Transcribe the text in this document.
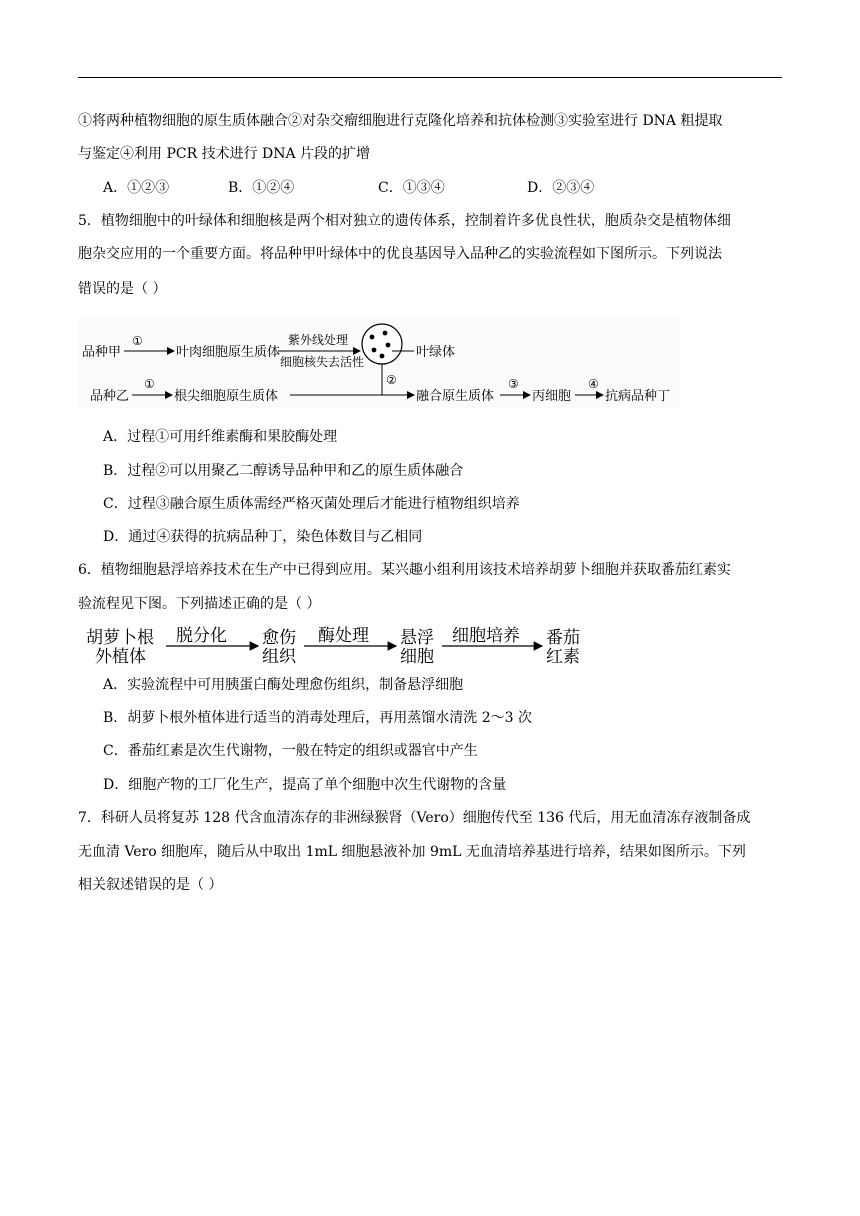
①将两种植物细胞的原生质体融合②对杂交瘤细胞进行克隆化培养和抗体检测③实验室进行 DNA 粗提取
与鉴定④利用 PCR 技术进行 DNA 片段的扩增
A．①②③	B．①②④	C．①③④	D．②③④
5．植物细胞中的叶绿体和细胞核是两个相对独立的遗传体系，控制着许多优良性状，胞质杂交是植物体细
胞杂交应用的一个重要方面。将品种甲叶绿体中的优良基因导入品种乙的实验流程如下图所示。下列说法
错误的是（ ）
品种甲
①
叶肉细胞原生质体
紫外线处理
细胞核失去活性
叶绿体
②
品种乙
①
根尖细胞原生质体	融合原生质体
③
丙细胞
④
抗病品种丁
A．过程①可用纤维素酶和果胶酶处理
B．过程②可以用聚乙二醇诱导品种甲和乙的原生质体融合
C．过程③融合原生质体需经严格灭菌处理后才能进行植物组织培养
D．通过④获得的抗病品种丁，染色体数目与乙相同
6．植物细胞悬浮培养技术在生产中已得到应用。某兴趣小组利用该技术培养胡萝卜细胞并获取番茄红素实
验流程见下图。下列描述正确的是（ ）
胡萝卜根
外植体
脱分化 愈伤
组织
酶处理 悬浮
细胞
细胞培养 番茄
红素
A．实验流程中可用胰蛋白酶处理愈伤组织，制备悬浮细胞
B．胡萝卜根外植体进行适当的消毒处理后，再用蒸馏水清洗 2～3 次
C．番茄红素是次生代谢物，一般在特定的组织或器官中产生
D．细胞产物的工厂化生产，提高了单个细胞中次生代谢物的含量
7．科研人员将复苏 128 代含血清冻存的非洲绿猴肾（Vero）细胞传代至 136 代后，用无血清冻存液制备成
无血清 Vero 细胞库，随后从中取出 1mL 细胞悬液补加 9mL 无血清培养基进行培养，结果如图所示。下列
相关叙述错误的是（ ）
